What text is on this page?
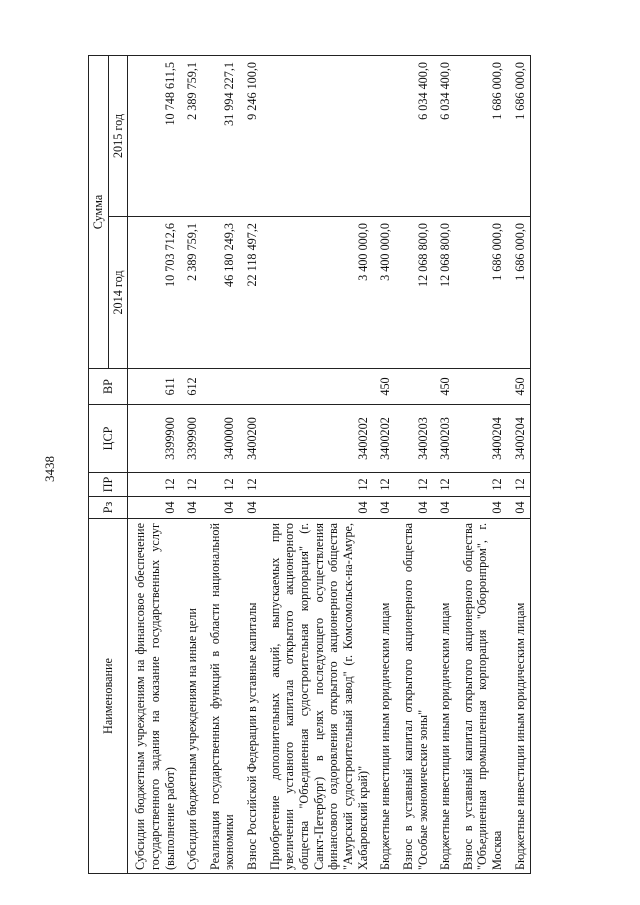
3438
Наименование	Рз	ПР	ЦСР	ВР	Сумма	
					2014 год	2015 год
Субсидии бюджетным учреждениям на финансовое обеспечение государственного задания на оказание государственных услуг (выполнение работ)	04	12	3399900	611	10 703 712,6	10 748 611,5
Субсидии бюджетным учреждениям на иные цели	04	12	3399900	612	2 389 759,1	2 389 759,1
Реализация государственных функций в области национальной экономики	04	12	3400000		46 180 249,3	31 994 227,1
Взнос Российской Федерации в уставные капиталы	04	12	3400200		22 118 497,2	9 246 100,0
Приобретение дополнительных акций, выпускаемых при увеличении уставного капитала открытого акционерного общества "Объединенная судостроительная корпорация" (г. Санкт-Петербург) в целях последующего осуществления финансового оздоровления открытого акционерного общества "Амурский судостроительный завод" (г. Комсомольск-на-Амуре, Хабаровский край)"	04	12	3400202		3 400 000,0	
Бюджетные инвестиции иным юридическим лицам	04	12	3400202	450	3 400 000,0	
Взнос в уставный капитал открытого акционерного общества "Особые экономические зоны"	04	12	3400203		12 068 800,0	6 034 400,0
Бюджетные инвестиции иным юридическим лицам	04	12	3400203	450	12 068 800,0	6 034 400,0
Взнос в уставный капитал открытого акционерного общества "Объединенная промышленная корпорация "Оборонпром", г. Москва	04	12	3400204		1 686 000,0	1 686 000,0
Бюджетные инвестиции иным юридическим лицам	04	12	3400204	450	1 686 000,0	1 686 000,0
